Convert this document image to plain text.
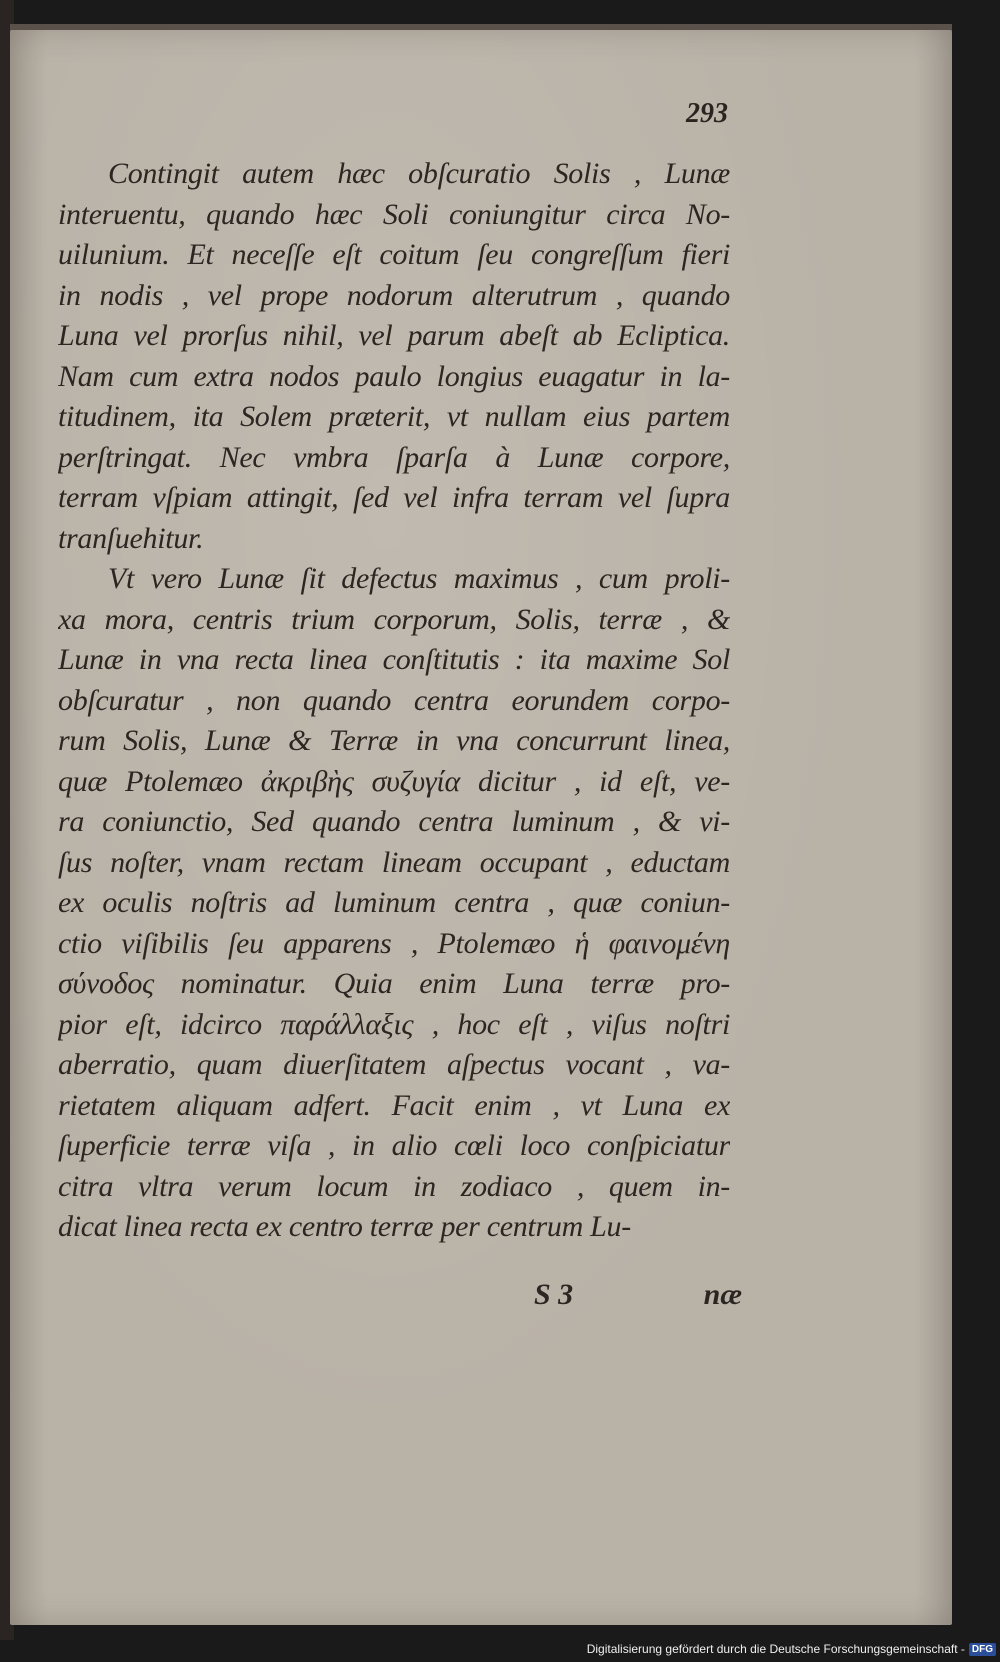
293
Contingit autem hæc obſcuratio Solis , Lunæ
interuentu, quando hæc Soli coniungitur circa No-
uilunium. Et neceſſe eſt coitum ſeu congreſſum fieri
in nodis , vel prope nodorum alterutrum , quando
Luna vel prorſus nihil, vel parum abeſt ab Ecliptica.
Nam cum extra nodos paulo longius euagatur in la-
titudinem, ita Solem præterit, vt nullam eius partem
perſtringat. Nec vmbra ſparſa à Lunæ corpore,
terram vſpiam attingit, ſed vel infra terram vel ſupra
tranſuehitur.
Vt vero Lunæ ſit defectus maximus , cum proli-
xa mora, centris trium corporum, Solis, terræ , &
Lunæ in vna recta linea conſtitutis : ita maxime Sol
obſcuratur , non quando centra eorundem corpo-
rum Solis, Lunæ & Terræ in vna concurrunt linea,
quæ Ptolemæo ἀκριβὴς συζυγία dicitur , id eſt, ve-
ra coniunctio, Sed quando centra luminum , & vi-
ſus noſter, vnam rectam lineam occupant , eductam
ex oculis noſtris ad luminum centra , quæ coniun-
ctio viſibilis ſeu apparens , Ptolemæo ἡ φαινομένη
σύνοδος nominatur. Quia enim Luna terræ pro-
pior eſt, idcirco παράλλαξις , hoc eſt , viſus noſtri
aberratio, quam diuerſitatem aſpectus vocant , va-
rietatem aliquam adfert. Facit enim , vt Luna ex
ſuperficie terræ viſa , in alio cœli loco conſpiciatur
citra vltra verum locum in zodiaco , quem in-
dicat linea recta ex centro terræ per centrum Lu-
S 3	næ
Digitalisierung gefördert durch die Deutsche Forschungsgemeinschaft - DFG
